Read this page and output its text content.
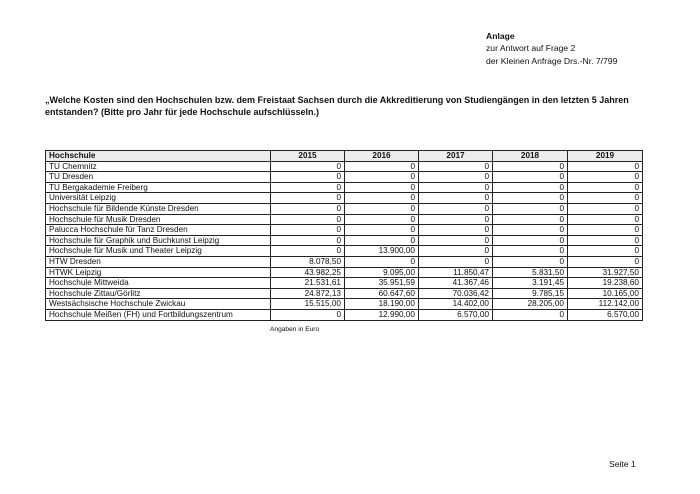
Anlage
zur Antwort auf Frage 2
der Kleinen Anfrage Drs.-Nr. 7/799
„Welche Kosten sind den Hochschulen bzw. dem Freistaat Sachsen durch die Akkreditierung von Studiengängen in den letzten 5 Jahren entstanden? (Bitte pro Jahr für jede Hochschule aufschlüsseln.)
Hochschule	2015	2016	2017	2018	2019
TU Chemnitz	0	0	0	0	0
TU Dresden	0	0	0	0	0
TU Bergakademie Freiberg	0	0	0	0	0
Universität Leipzig	0	0	0	0	0
Hochschule für Bildende Künste Dresden	0	0	0	0	0
Hochschule für Musik Dresden	0	0	0	0	0
Palucca Hochschule für Tanz Dresden	0	0	0	0	0
Hochschule für Graphik und Buchkunst Leipzig	0	0	0	0	0
Hochschule für Musik und Theater Leipzig	0	13.900,00	0	0	0
HTW Dresden	8.078,50	0	0	0	0
HTWK Leipzig	43.982,25	9.095,00	11.850,47	5.831,50	31.927,50
Hochschule Mittweida	21.531,61	35.951,59	41.367,46	3.191,45	19.238,60
Hochschule Zittau/Görlitz	24.872,13	60.647,60	70.036,42	9.785,15	10.165,00
Westsächsische Hochschule Zwickau	15.515,00	18.190,00	14.402,00	28.205,00	112.142,00
Hochschule Meißen (FH) und Fortbildungszentrum	0	12.990,00	6.570,00	0	6.570,00
Angaben in Euro
Seite 1
